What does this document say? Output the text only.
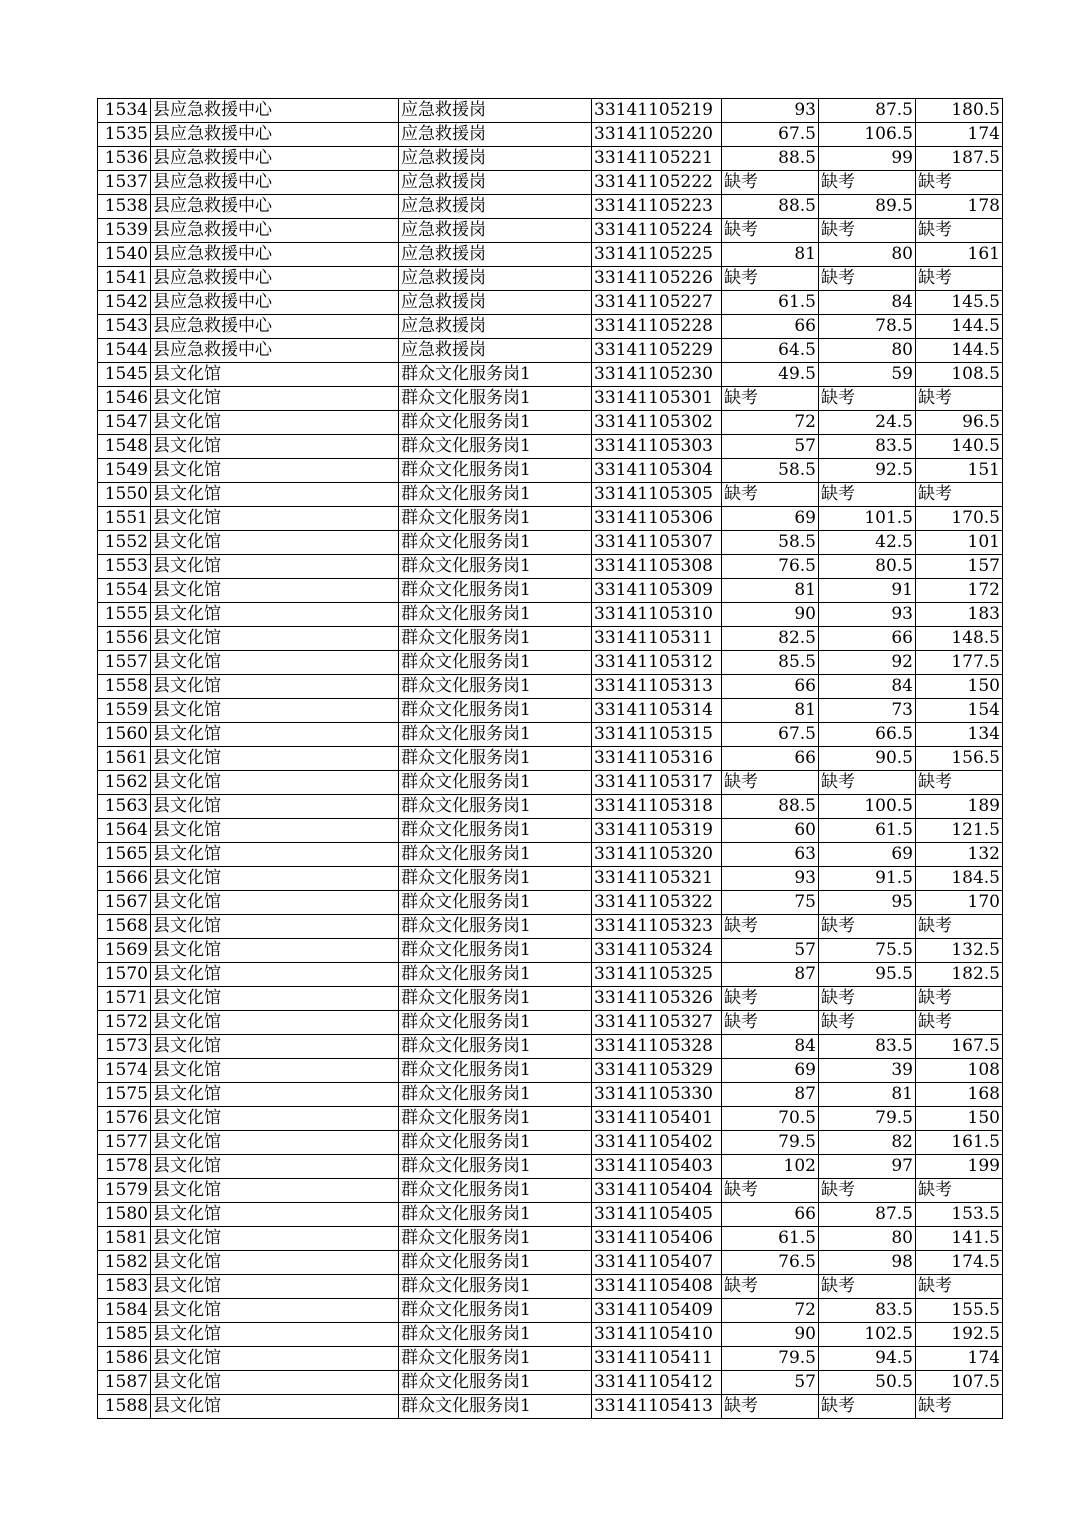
1534	县应急救援中心	应急救援岗	33141105219	93	87.5	180.5
1535	县应急救援中心	应急救援岗	33141105220	67.5	106.5	174
1536	县应急救援中心	应急救援岗	33141105221	88.5	99	187.5
1537	县应急救援中心	应急救援岗	33141105222	缺考	缺考	缺考
1538	县应急救援中心	应急救援岗	33141105223	88.5	89.5	178
1539	县应急救援中心	应急救援岗	33141105224	缺考	缺考	缺考
1540	县应急救援中心	应急救援岗	33141105225	81	80	161
1541	县应急救援中心	应急救援岗	33141105226	缺考	缺考	缺考
1542	县应急救援中心	应急救援岗	33141105227	61.5	84	145.5
1543	县应急救援中心	应急救援岗	33141105228	66	78.5	144.5
1544	县应急救援中心	应急救援岗	33141105229	64.5	80	144.5
1545	县文化馆	群众文化服务岗1	33141105230	49.5	59	108.5
1546	县文化馆	群众文化服务岗1	33141105301	缺考	缺考	缺考
1547	县文化馆	群众文化服务岗1	33141105302	72	24.5	96.5
1548	县文化馆	群众文化服务岗1	33141105303	57	83.5	140.5
1549	县文化馆	群众文化服务岗1	33141105304	58.5	92.5	151
1550	县文化馆	群众文化服务岗1	33141105305	缺考	缺考	缺考
1551	县文化馆	群众文化服务岗1	33141105306	69	101.5	170.5
1552	县文化馆	群众文化服务岗1	33141105307	58.5	42.5	101
1553	县文化馆	群众文化服务岗1	33141105308	76.5	80.5	157
1554	县文化馆	群众文化服务岗1	33141105309	81	91	172
1555	县文化馆	群众文化服务岗1	33141105310	90	93	183
1556	县文化馆	群众文化服务岗1	33141105311	82.5	66	148.5
1557	县文化馆	群众文化服务岗1	33141105312	85.5	92	177.5
1558	县文化馆	群众文化服务岗1	33141105313	66	84	150
1559	县文化馆	群众文化服务岗1	33141105314	81	73	154
1560	县文化馆	群众文化服务岗1	33141105315	67.5	66.5	134
1561	县文化馆	群众文化服务岗1	33141105316	66	90.5	156.5
1562	县文化馆	群众文化服务岗1	33141105317	缺考	缺考	缺考
1563	县文化馆	群众文化服务岗1	33141105318	88.5	100.5	189
1564	县文化馆	群众文化服务岗1	33141105319	60	61.5	121.5
1565	县文化馆	群众文化服务岗1	33141105320	63	69	132
1566	县文化馆	群众文化服务岗1	33141105321	93	91.5	184.5
1567	县文化馆	群众文化服务岗1	33141105322	75	95	170
1568	县文化馆	群众文化服务岗1	33141105323	缺考	缺考	缺考
1569	县文化馆	群众文化服务岗1	33141105324	57	75.5	132.5
1570	县文化馆	群众文化服务岗1	33141105325	87	95.5	182.5
1571	县文化馆	群众文化服务岗1	33141105326	缺考	缺考	缺考
1572	县文化馆	群众文化服务岗1	33141105327	缺考	缺考	缺考
1573	县文化馆	群众文化服务岗1	33141105328	84	83.5	167.5
1574	县文化馆	群众文化服务岗1	33141105329	69	39	108
1575	县文化馆	群众文化服务岗1	33141105330	87	81	168
1576	县文化馆	群众文化服务岗1	33141105401	70.5	79.5	150
1577	县文化馆	群众文化服务岗1	33141105402	79.5	82	161.5
1578	县文化馆	群众文化服务岗1	33141105403	102	97	199
1579	县文化馆	群众文化服务岗1	33141105404	缺考	缺考	缺考
1580	县文化馆	群众文化服务岗1	33141105405	66	87.5	153.5
1581	县文化馆	群众文化服务岗1	33141105406	61.5	80	141.5
1582	县文化馆	群众文化服务岗1	33141105407	76.5	98	174.5
1583	县文化馆	群众文化服务岗1	33141105408	缺考	缺考	缺考
1584	县文化馆	群众文化服务岗1	33141105409	72	83.5	155.5
1585	县文化馆	群众文化服务岗1	33141105410	90	102.5	192.5
1586	县文化馆	群众文化服务岗1	33141105411	79.5	94.5	174
1587	县文化馆	群众文化服务岗1	33141105412	57	50.5	107.5
1588	县文化馆	群众文化服务岗1	33141105413	缺考	缺考	缺考
